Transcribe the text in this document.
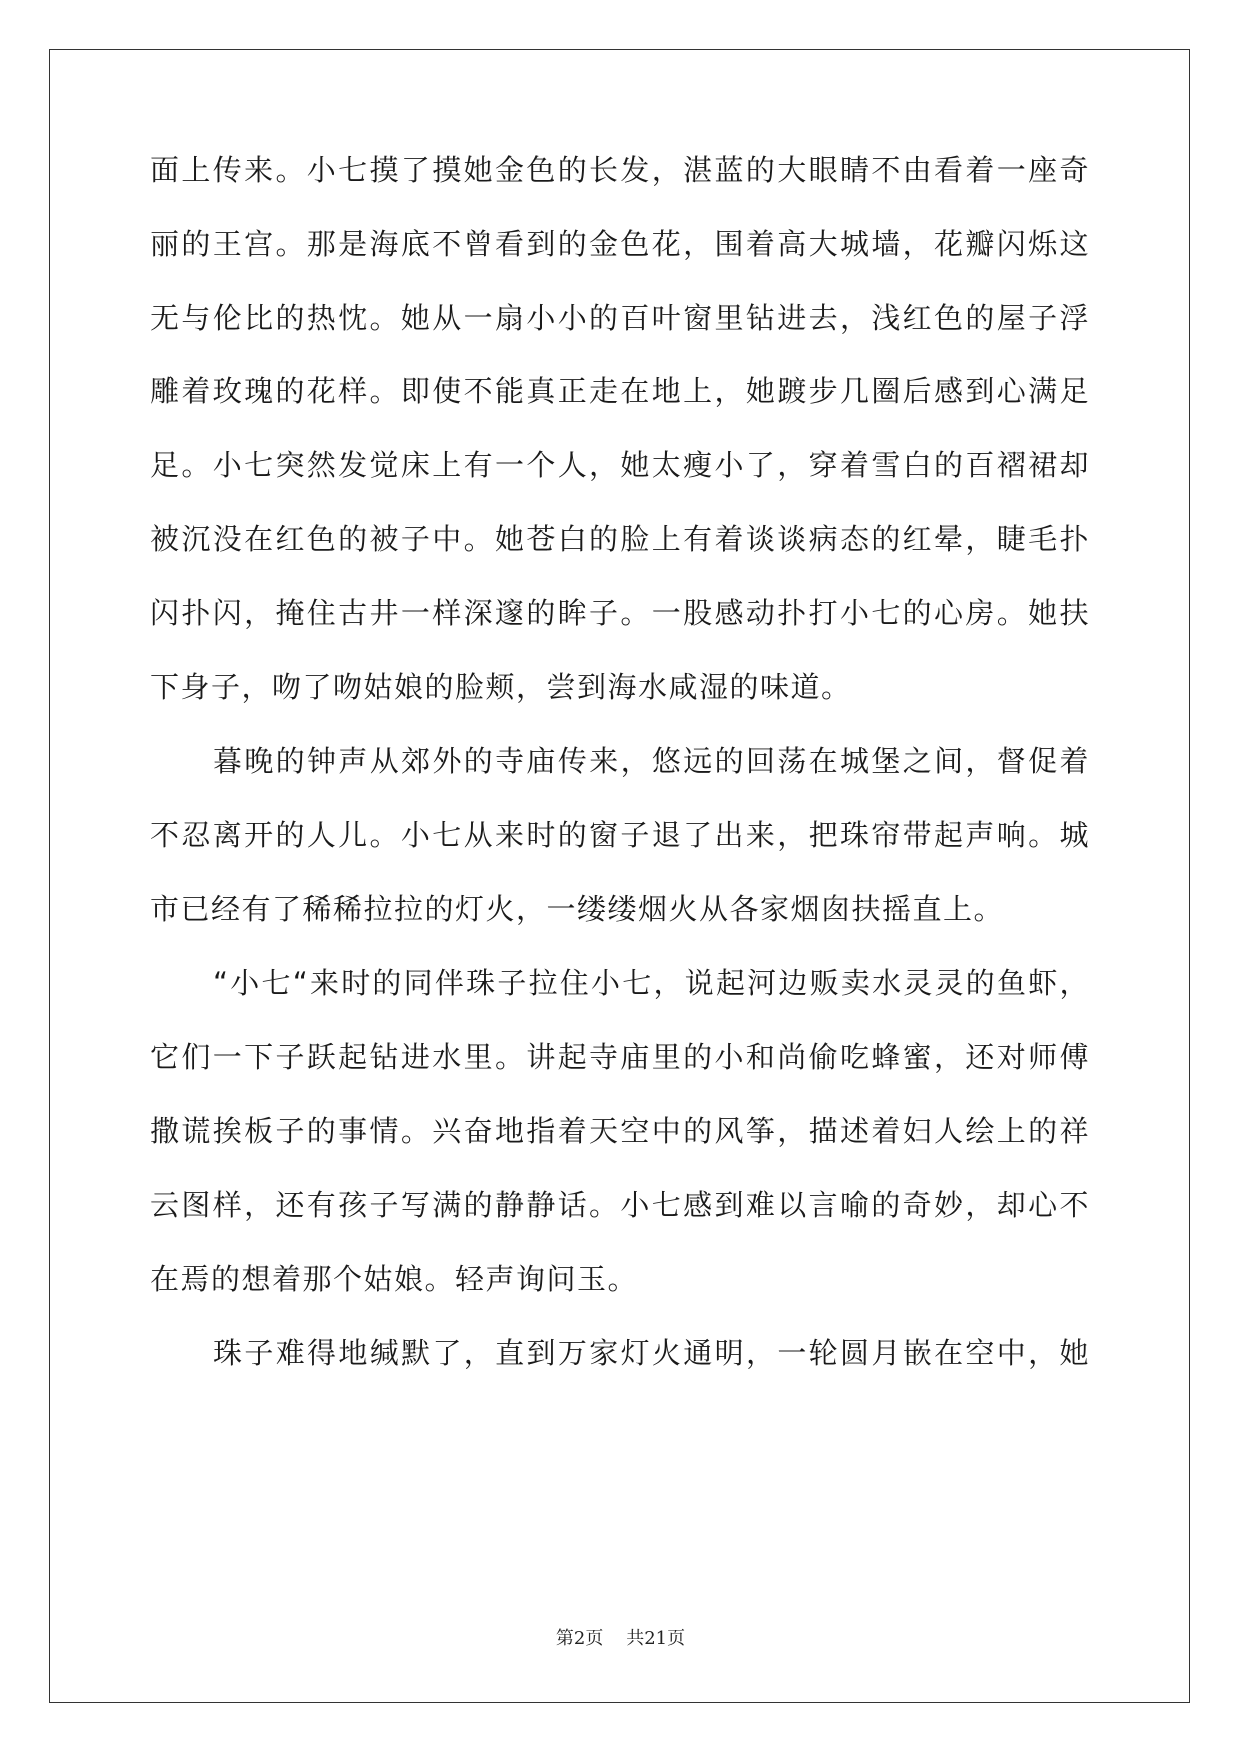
面上传来。小七摸了摸她金色的长发，湛蓝的大眼睛不由看着一座奇
丽的王宫。那是海底不曾看到的金色花，围着高大城墙，花瓣闪烁这
无与伦比的热忱。她从一扇小小的百叶窗里钻进去，浅红色的屋子浮
雕着玫瑰的花样。即使不能真正走在地上，她踱步几圈后感到心满足
足。小七突然发觉床上有一个人，她太瘦小了，穿着雪白的百褶裙却
被沉没在红色的被子中。她苍白的脸上有着谈谈病态的红晕，睫毛扑
闪扑闪，掩住古井一样深邃的眸子。一股感动扑打小七的心房。她扶
下身子，吻了吻姑娘的脸颊，尝到海水咸湿的味道。
暮晚的钟声从郊外的寺庙传来，悠远的回荡在城堡之间，督促着
不忍离开的人儿。小七从来时的窗子退了出来，把珠帘带起声响。城
市已经有了稀稀拉拉的灯火，一缕缕烟火从各家烟囱扶摇直上。
“小七“来时的同伴珠子拉住小七，说起河边贩卖水灵灵的鱼虾，
它们一下子跃起钻进水里。讲起寺庙里的小和尚偷吃蜂蜜，还对师傅
撒谎挨板子的事情。兴奋地指着天空中的风筝，描述着妇人绘上的祥
云图样，还有孩子写满的静静话。小七感到难以言喻的奇妙，却心不
在焉的想着那个姑娘。轻声询问玉。
珠子难得地缄默了，直到万家灯火通明，一轮圆月嵌在空中，她
第2页    共21页
